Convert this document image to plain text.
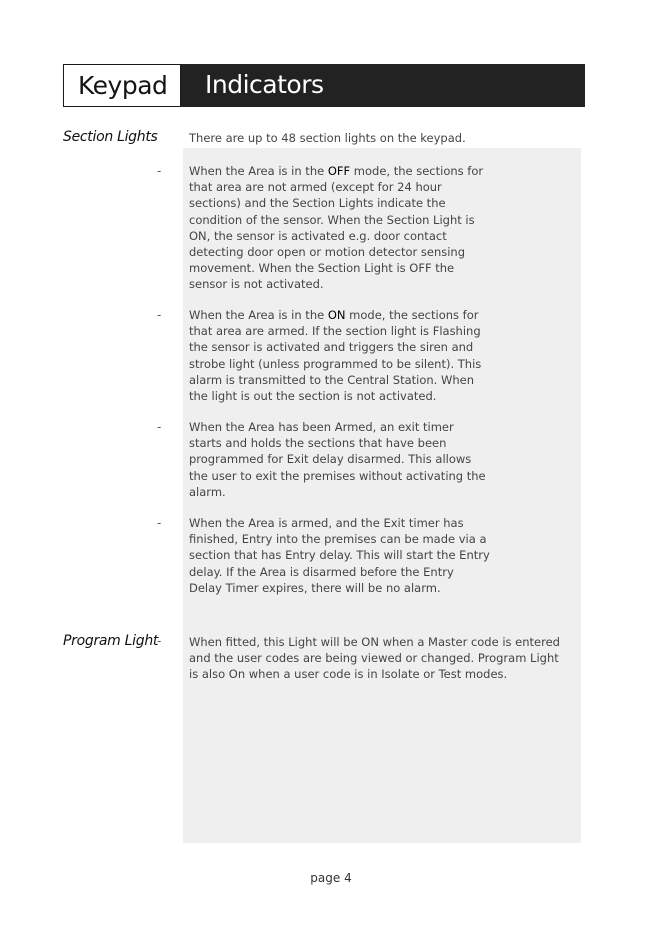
Keypad Indicators
Section Lights	There are up to 48 section lights on the keypad.

- When the Area is in the OFF mode, the sections for
that area are not armed (except for 24 hour
sections) and the Section Lights indicate the
condition of the sensor. When the Section Light is
ON, the sensor is activated e.g. door contact
detecting door open or motion detector sensing
movement. When the Section Light is OFF the
sensor is not activated.

- When the Area is in the ON mode, the sections for
that area are armed. If the section light is Flashing
the sensor is activated and triggers the siren and
strobe light (unless programmed to be silent). This
alarm is transmitted to the Central Station. When
the light is out the section is not activated.

- When the Area has been Armed, an exit timer
starts and holds the sections that have been
programmed for Exit delay disarmed. This allows
the user to exit the premises without activating the
alarm.

- When the Area is armed, and the Exit timer has
finished, Entry into the premises can be made via a
section that has Entry delay. This will start the Entry
delay. If the Area is disarmed before the Entry
Delay Timer expires, there will be no alarm.

Program Light
- When fitted, this Light will be ON when a Master code is entered
and the user codes are being viewed or changed. Program Light
is also On when a user code is in Isolate or Test modes.

page 4
